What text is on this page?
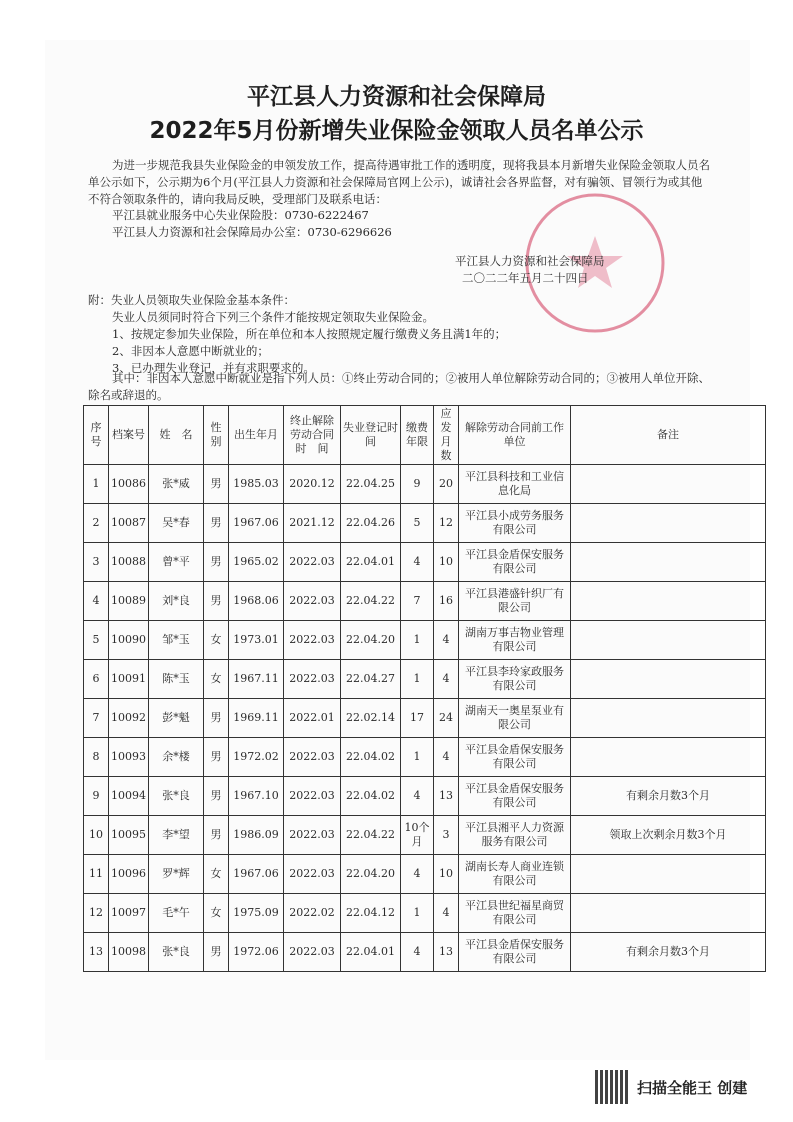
平江县人力资源和社会保障局
2022年5月份新增失业保险金领取人员名单公示
为进一步规范我县失业保险金的申领发放工作，提高待遇审批工作的透明度，现将我县本月新增失业保险金领取人员名单公示如下，公示期为6个月(平江县人力资源和社会保障局官网上公示)，诚请社会各界监督，对有骗领、冒领行为或其他不符合领取条件的，请向我局反映，受理部门及联系电话：
平江县就业服务中心失业保险股：0730-6222467
平江县人力资源和社会保障局办公室：0730-6296626
平江县人力资源和社会保障局
二〇二二年五月二十四日
附：失业人员领取失业保险金基本条件：
失业人员须同时符合下列三个条件才能按规定领取失业保险金。
1、按规定参加失业保险，所在单位和本人按照规定履行缴费义务且满1年的；
2、非因本人意愿中断就业的；
3、已办理失业登记，并有求职要求的。
其中：非因本人意愿中断就业是指下列人员：①终止劳动合同的；②被用人单位解除劳动合同的；③被用人单位开除、除名或辞退的。
序号	档案号	姓　名	性别	出生年月	终止解除劳动合同时　间	失业登记时　间	缴费年限	应发月数	解除劳动合同前工作单位	备注
1	10086	张*威	男	1985.03	2020.12	22.04.25	9	20	平江县科技和工业信息化局	
2	10087	吴*春	男	1967.06	2021.12	22.04.26	5	12	平江县小成劳务服务有限公司	
3	10088	曾*平	男	1965.02	2022.03	22.04.01	4	10	平江县金盾保安服务有限公司	
4	10089	刘*良	男	1968.06	2022.03	22.04.22	7	16	平江县港盛针织厂有限公司	
5	10090	邹*玉	女	1973.01	2022.03	22.04.20	1	4	湖南万事吉物业管理有限公司	
6	10091	陈*玉	女	1967.11	2022.03	22.04.27	1	4	平江县李玲家政服务有限公司	
7	10092	彭*魁	男	1969.11	2022.01	22.02.14	17	24	湖南天一奥星泵业有限公司	
8	10093	余*楼	男	1972.02	2022.03	22.04.02	1	4	平江县金盾保安服务有限公司	
9	10094	张*良	男	1967.10	2022.03	22.04.02	4	13	平江县金盾保安服务有限公司	有剩余月数3个月
10	10095	李*望	男	1986.09	2022.03	22.04.22	10个月	3	平江县湘平人力资源服务有限公司	领取上次剩余月数3个月
11	10096	罗*辉	女	1967.06	2022.03	22.04.20	4	10	湖南长寿人商业连锁有限公司	
12	10097	毛*午	女	1975.09	2022.02	22.04.12	1	4	平江县世纪福星商贸有限公司	
13	10098	张*良	男	1972.06	2022.03	22.04.01	4	13	平江县金盾保安服务有限公司	有剩余月数3个月
扫描全能王 创建
